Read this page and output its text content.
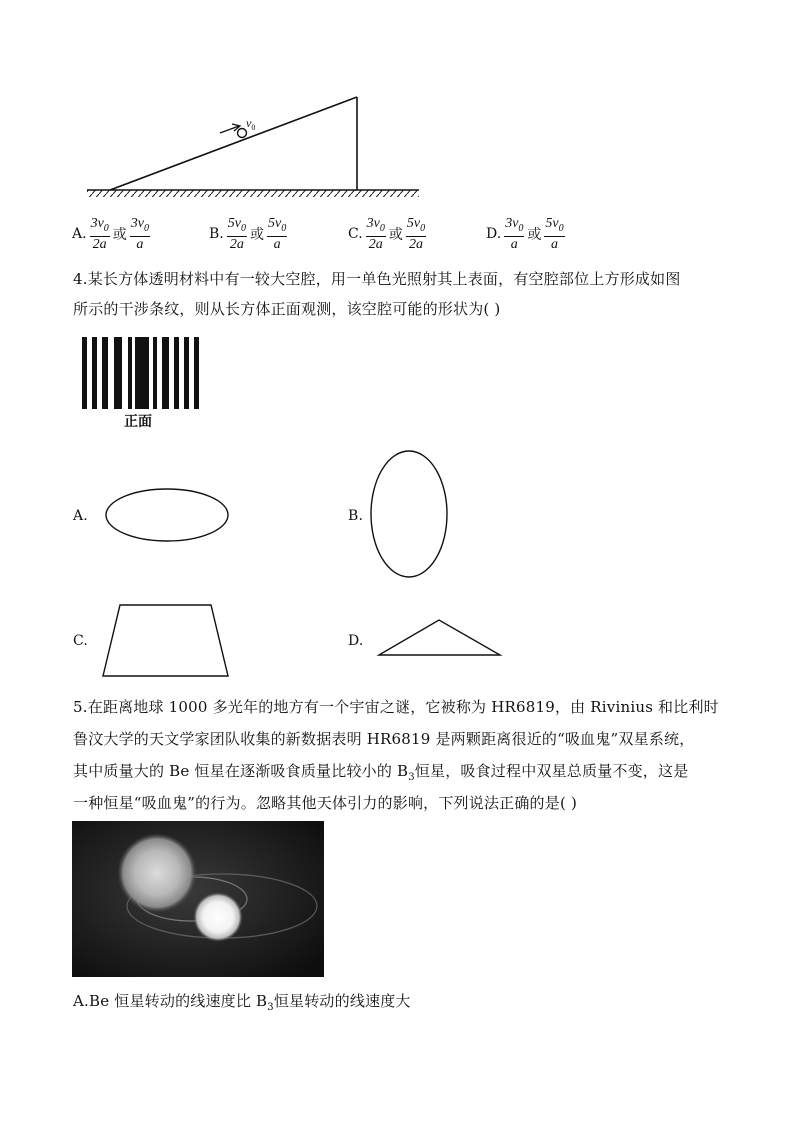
$v_0$
A. $\frac{3v_0}{2a}$ 或 $\frac{3v_0}{a}$	B. $\frac{5v_0}{2a}$ 或 $\frac{5v_0}{a}$	C. $\frac{3v_0}{2a}$ 或 $\frac{5v_0}{2a}$	D. $\frac{3v_0}{a}$ 或 $\frac{5v_0}{a}$
4.某长方体透明材料中有一较大空腔，用一单色光照射其上表面，有空腔部位上方形成如图
所示的干涉条纹，则从长方体正面观测，该空腔可能的形状为( )
正面
A.	B.
C.	D.
5.在距离地球 1000 多光年的地方有一个宇宙之谜，它被称为 HR6819，由 Rivinius 和比利时
鲁汶大学的天文学家团队收集的新数据表明 HR6819 是两颗距离很近的“吸血鬼”双星系统，
其中质量大的 Be 恒星在逐渐吸食质量比较小的 $B_3$恒星，吸食过程中双星总质量不变，这是
一种恒星“吸血鬼”的行为。忽略其他天体引力的影响，下列说法正确的是( )
A.Be 恒星转动的线速度比 $B_3$恒星转动的线速度大
